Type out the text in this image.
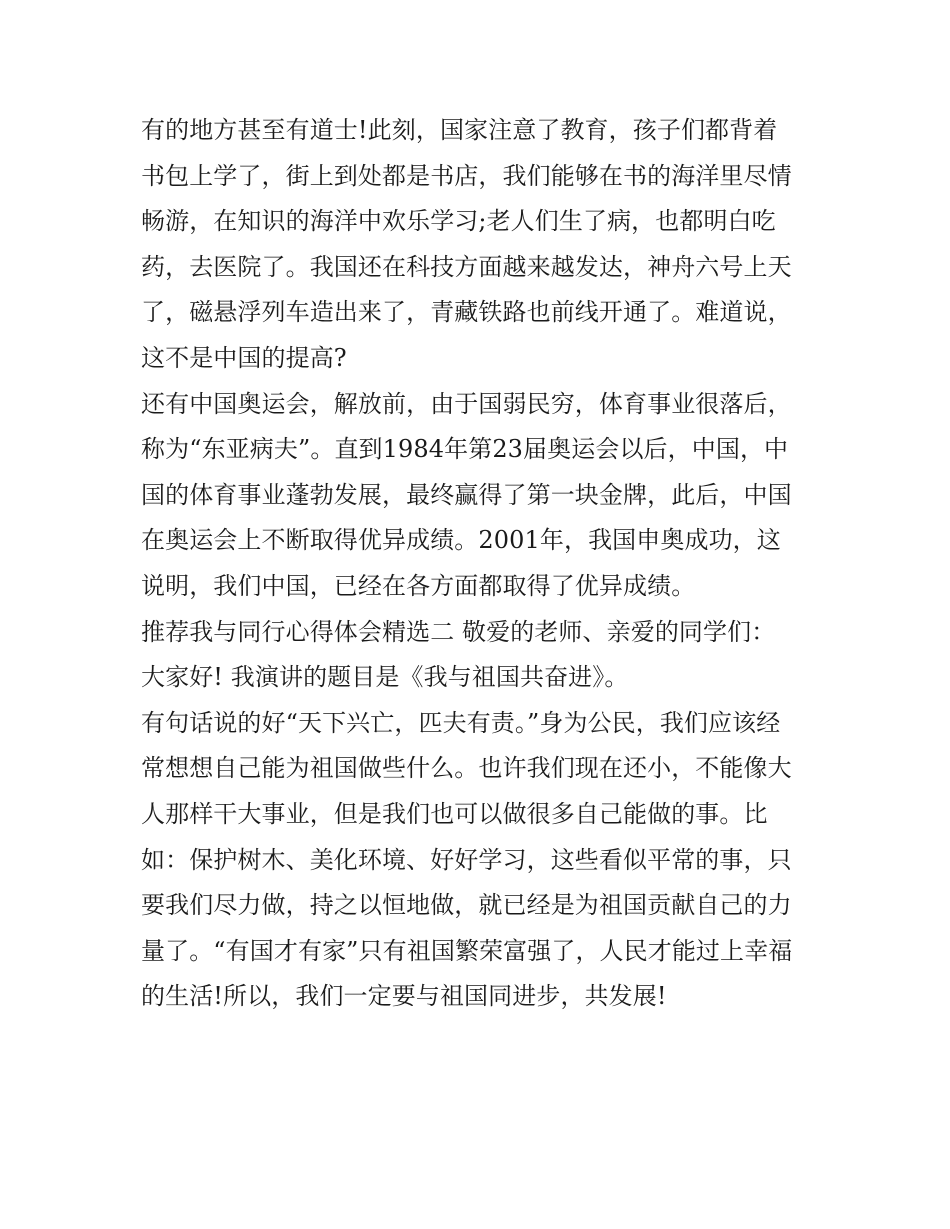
有的地方甚至有道士!此刻，国家注意了教育，孩子们都背着
书包上学了，街上到处都是书店，我们能够在书的海洋里尽情
畅游，在知识的海洋中欢乐学习;老人们生了病，也都明白吃
药，去医院了。我国还在科技方面越来越发达，神舟六号上天
了，磁悬浮列车造出来了，青藏铁路也前线开通了。难道说，
这不是中国的提高?
还有中国奥运会，解放前，由于国弱民穷，体育事业很落后，
称为“东亚病夫”。直到1984年第23届奥运会以后，中国，中
国的体育事业蓬勃发展，最终赢得了第一块金牌，此后，中国
在奥运会上不断取得优异成绩。2001年，我国申奥成功，这
说明，我们中国，已经在各方面都取得了优异成绩。
推荐我与同行心得体会精选二 敬爱的老师、亲爱的同学们：
大家好! 我演讲的题目是《我与祖国共奋进》。
有句话说的好“天下兴亡，匹夫有责。”身为公民，我们应该经
常想想自己能为祖国做些什么。也许我们现在还小，不能像大
人那样干大事业，但是我们也可以做很多自己能做的事。比
如：保护树木、美化环境、好好学习，这些看似平常的事，只
要我们尽力做，持之以恒地做，就已经是为祖国贡献自己的力
量了。“有国才有家”只有祖国繁荣富强了，人民才能过上幸福
的生活!所以，我们一定要与祖国同进步，共发展!
